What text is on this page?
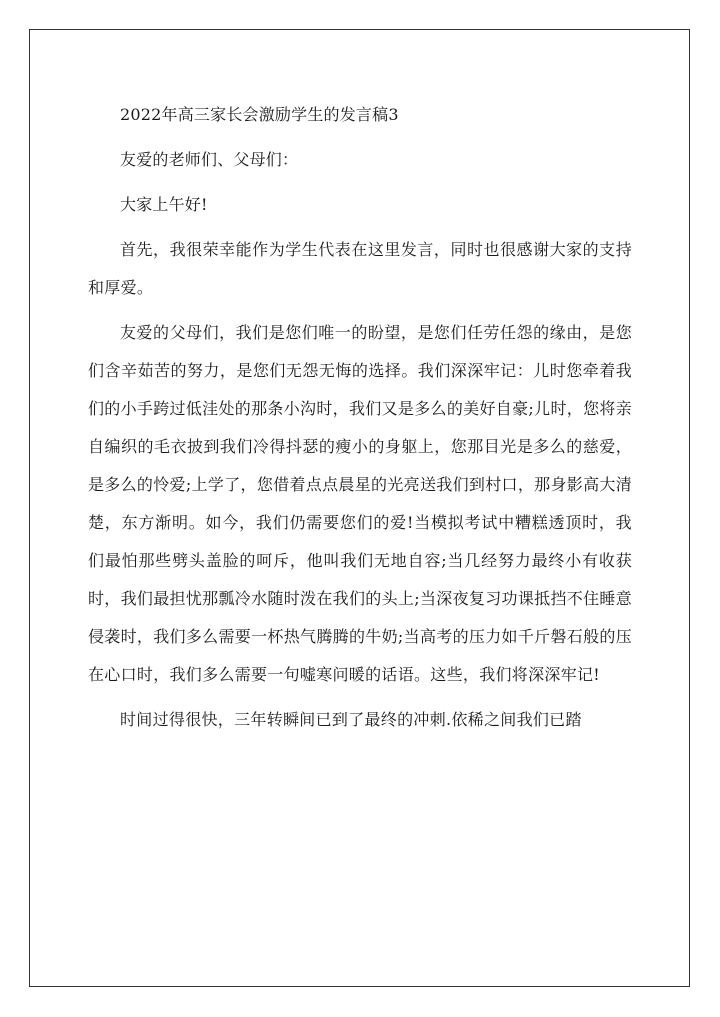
2022年高三家长会激励学生的发言稿3

友爱的老师们、父母们：

大家上午好!

首先，我很荣幸能作为学生代表在这里发言，同时也很感谢大家的支持和厚爱。

友爱的父母们，我们是您们唯一的盼望，是您们任劳任怨的缘由，是您们含辛茹苦的努力，是您们无怨无悔的选择。我们深深牢记：儿时您牵着我们的小手跨过低洼处的那条小沟时，我们又是多么的美好自豪;儿时，您将亲自编织的毛衣披到我们冷得抖瑟的瘦小的身躯上，您那目光是多么的慈爱，是多么的怜爱;上学了，您借着点点晨星的光亮送我们到村口，那身影高大清楚，东方渐明。如今，我们仍需要您们的爱!当模拟考试中糟糕透顶时，我们最怕那些劈头盖脸的呵斥，他叫我们无地自容;当几经努力最终小有收获时，我们最担忧那瓢冷水随时泼在我们的头上;当深夜复习功课抵挡不住睡意侵袭时，我们多么需要一杯热气腾腾的牛奶;当高考的压力如千斤磐石般的压在心口时，我们多么需要一句嘘寒问暖的话语。这些，我们将深深牢记!

时间过得很快，三年转瞬间已到了最终的冲刺.依稀之间我们已踏
